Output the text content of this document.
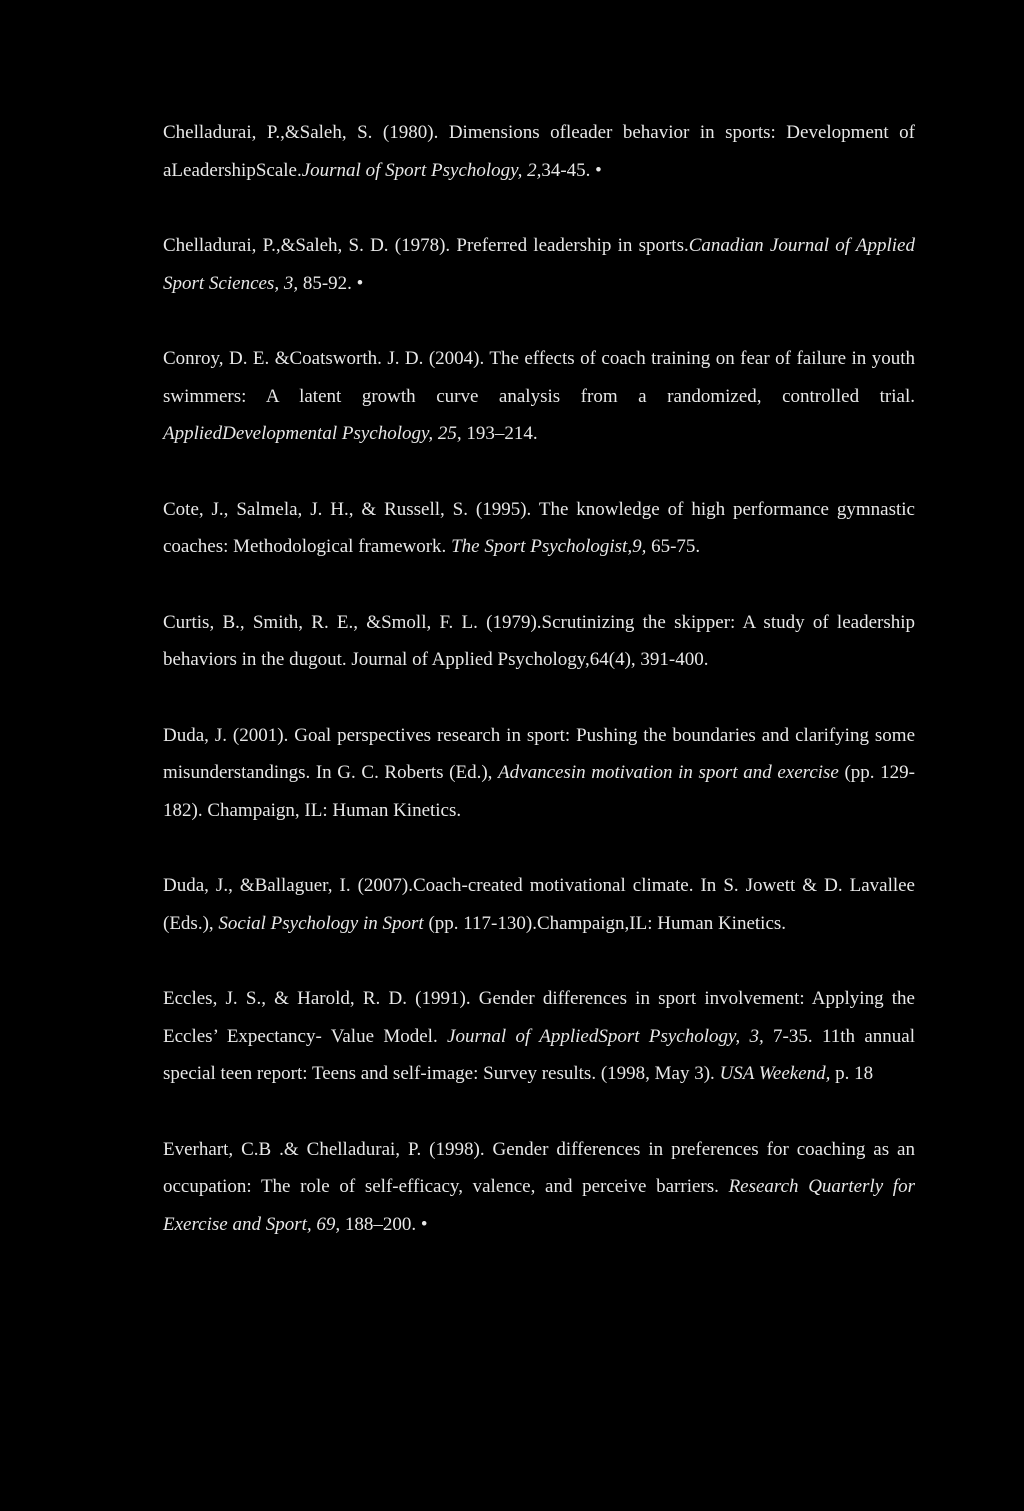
Chelladurai, P.,&Saleh, S. (1980). Dimensions ofleader behavior in sports: Development of aLeadershipScale.Journal of Sport Psychology, 2,34-45. •

Chelladurai, P.,&Saleh, S. D. (1978). Preferred leadership in sports.Canadian Journal of Applied Sport Sciences, 3, 85-92. •

Conroy, D. E. &Coatsworth. J. D. (2004). The effects of coach training on fear of failure in youth swimmers: A latent growth curve analysis from a randomized, controlled trial. AppliedDevelopmental Psychology, 25, 193–214.

Cote, J., Salmela, J. H., & Russell, S. (1995). The knowledge of high performance gymnastic coaches: Methodological framework. The Sport Psychologist,9, 65-75.

Curtis, B., Smith, R. E., &Smoll, F. L. (1979).Scrutinizing the skipper: A study of leadership behaviors in the dugout. Journal of Applied Psychology,64(4), 391-400.

Duda, J. (2001). Goal perspectives research in sport: Pushing the boundaries and clarifying some misunderstandings. In G. C. Roberts (Ed.), Advancesin motivation in sport and exercise (pp. 129-182). Champaign, IL: Human Kinetics.

Duda, J., &Ballaguer, I. (2007).Coach-created motivational climate. In S. Jowett & D. Lavallee (Eds.), Social Psychology in Sport (pp. 117-130).Champaign,IL: Human Kinetics.

Eccles, J. S., & Harold, R. D. (1991). Gender differences in sport involvement: Applying the Eccles’ Expectancy- Value Model. Journal of AppliedSport Psychology, 3, 7-35. 11th annual special teen report: Teens and self-image: Survey results. (1998, May 3). USA Weekend, p. 18

Everhart, C.B .& Chelladurai, P. (1998). Gender differences in preferences for coaching as an occupation: The role of self-efficacy, valence, and perceive barriers. Research Quarterly for Exercise and Sport, 69, 188–200. •
